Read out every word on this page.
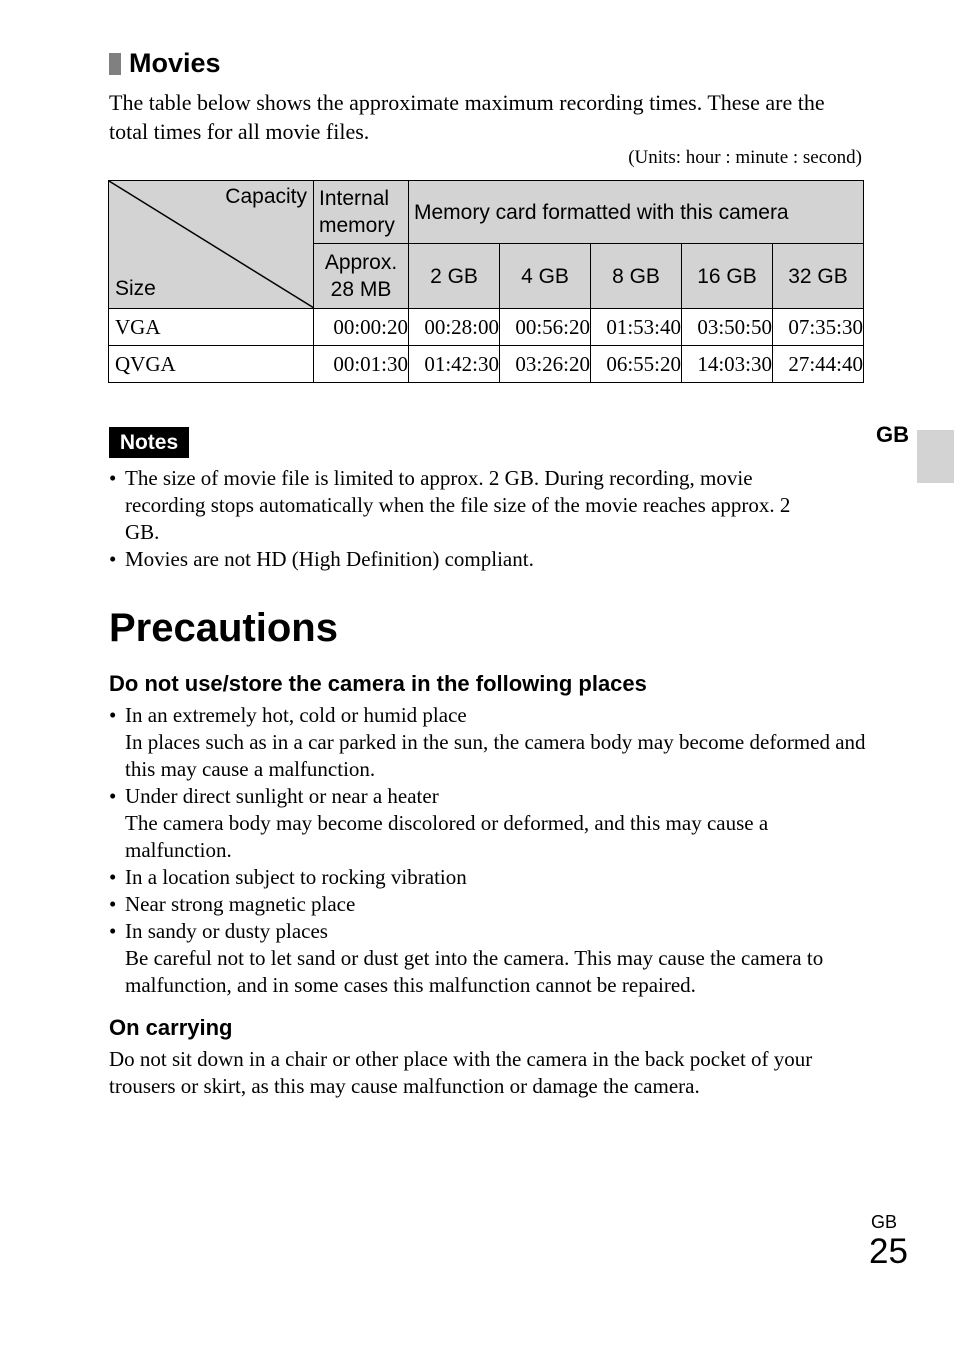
Movies
The table below shows the approximate maximum recording times. These are the total times for all movie files.
(Units: hour : minute : second)
Capacity
Size	Internal memory	Memory card formatted with this camera				
	Approx. 28 MB	2 GB	4 GB	8 GB	16 GB	32 GB
VGA	00:00:20	00:28:00	00:56:20	01:53:40	03:50:50	07:35:30
QVGA	00:01:30	01:42:30	03:26:20	06:55:20	14:03:30	27:44:40
GB
Notes
• The size of movie file is limited to approx. 2 GB. During recording, movie recording stops automatically when the file size of the movie reaches approx. 2 GB.
• Movies are not HD (High Definition) compliant.
Precautions
Do not use/store the camera in the following places
• In an extremely hot, cold or humid place
In places such as in a car parked in the sun, the camera body may become deformed and this may cause a malfunction.
• Under direct sunlight or near a heater
The camera body may become discolored or deformed, and this may cause a malfunction.
• In a location subject to rocking vibration
• Near strong magnetic place
• In sandy or dusty places
Be careful not to let sand or dust get into the camera. This may cause the camera to malfunction, and in some cases this malfunction cannot be repaired.
On carrying
Do not sit down in a chair or other place with the camera in the back pocket of your trousers or skirt, as this may cause malfunction or damage the camera.
GB
25
